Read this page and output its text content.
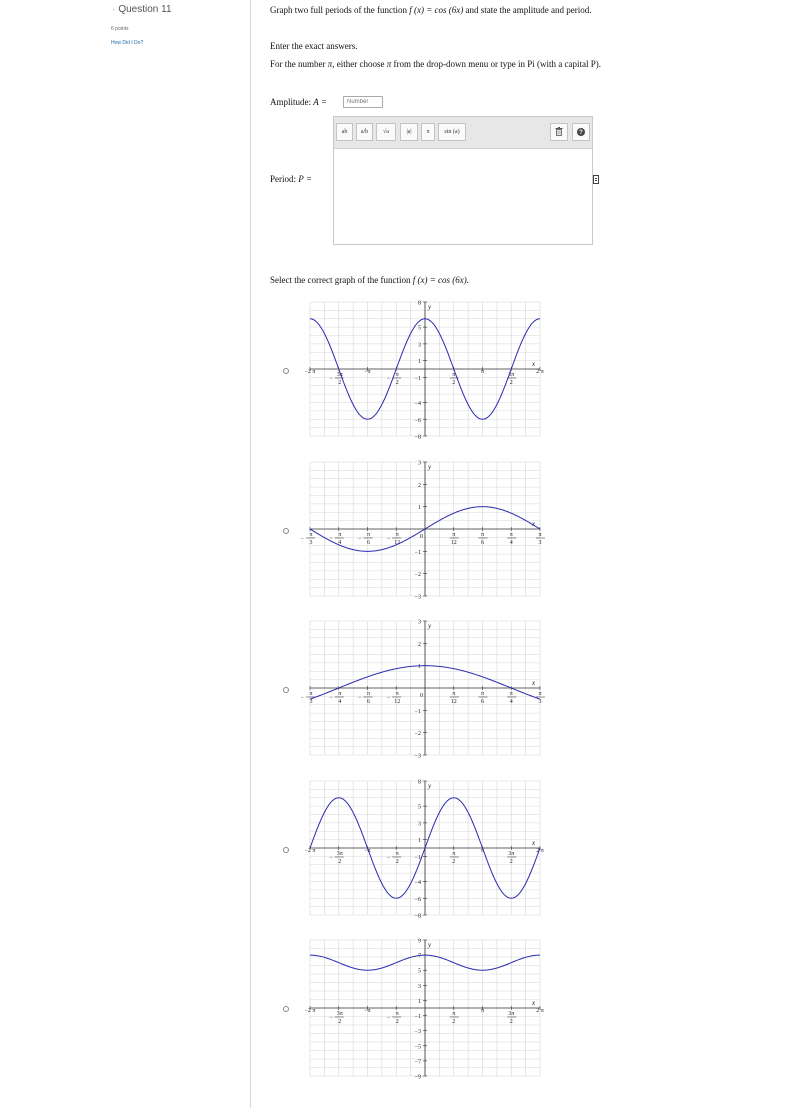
· Question 11
6 points
How Did I Do?
Graph two full periods of the function f (x) = cos (6x) and state the amplitude and period.
Enter the exact answers.
For the number π, either choose π from the drop-down menu or type in Pi (with a capital P).
Amplitude: A =
Number
ab	a/b	√a	|a|	π	sin (a)	?
Period: P =
Select the correct graph of the function f (x) = cos (6x).
x
y
8
5
3
1
−1
−4
−6
−8
−2 π	3π
2
−
−π	π
2
−
π
2
π	3π
2
2 π
x
y
3
2
1
−1
−2
−3
0
π
3
−
π
4
−
π
6
−
π
12
−
π
12
π
6
π
4
π
3
x
y
3
2
1
−1
−2
−3
0
π
3
−
π
4
−
π
6
−
π
12
−
π
12
π
6
π
4
π
3
x
y
8
5
3
1
−1
−4
−6
−8
−2 π	3π
2
−
−π	π
2
−
π
2
π	3π
2
2 π
x
y
9
7
5
3
1
−1
−3
−5
−7
−9
−2 π	3π
2
−
−π	π
2
−
π
2
π	3π
2
2 π
